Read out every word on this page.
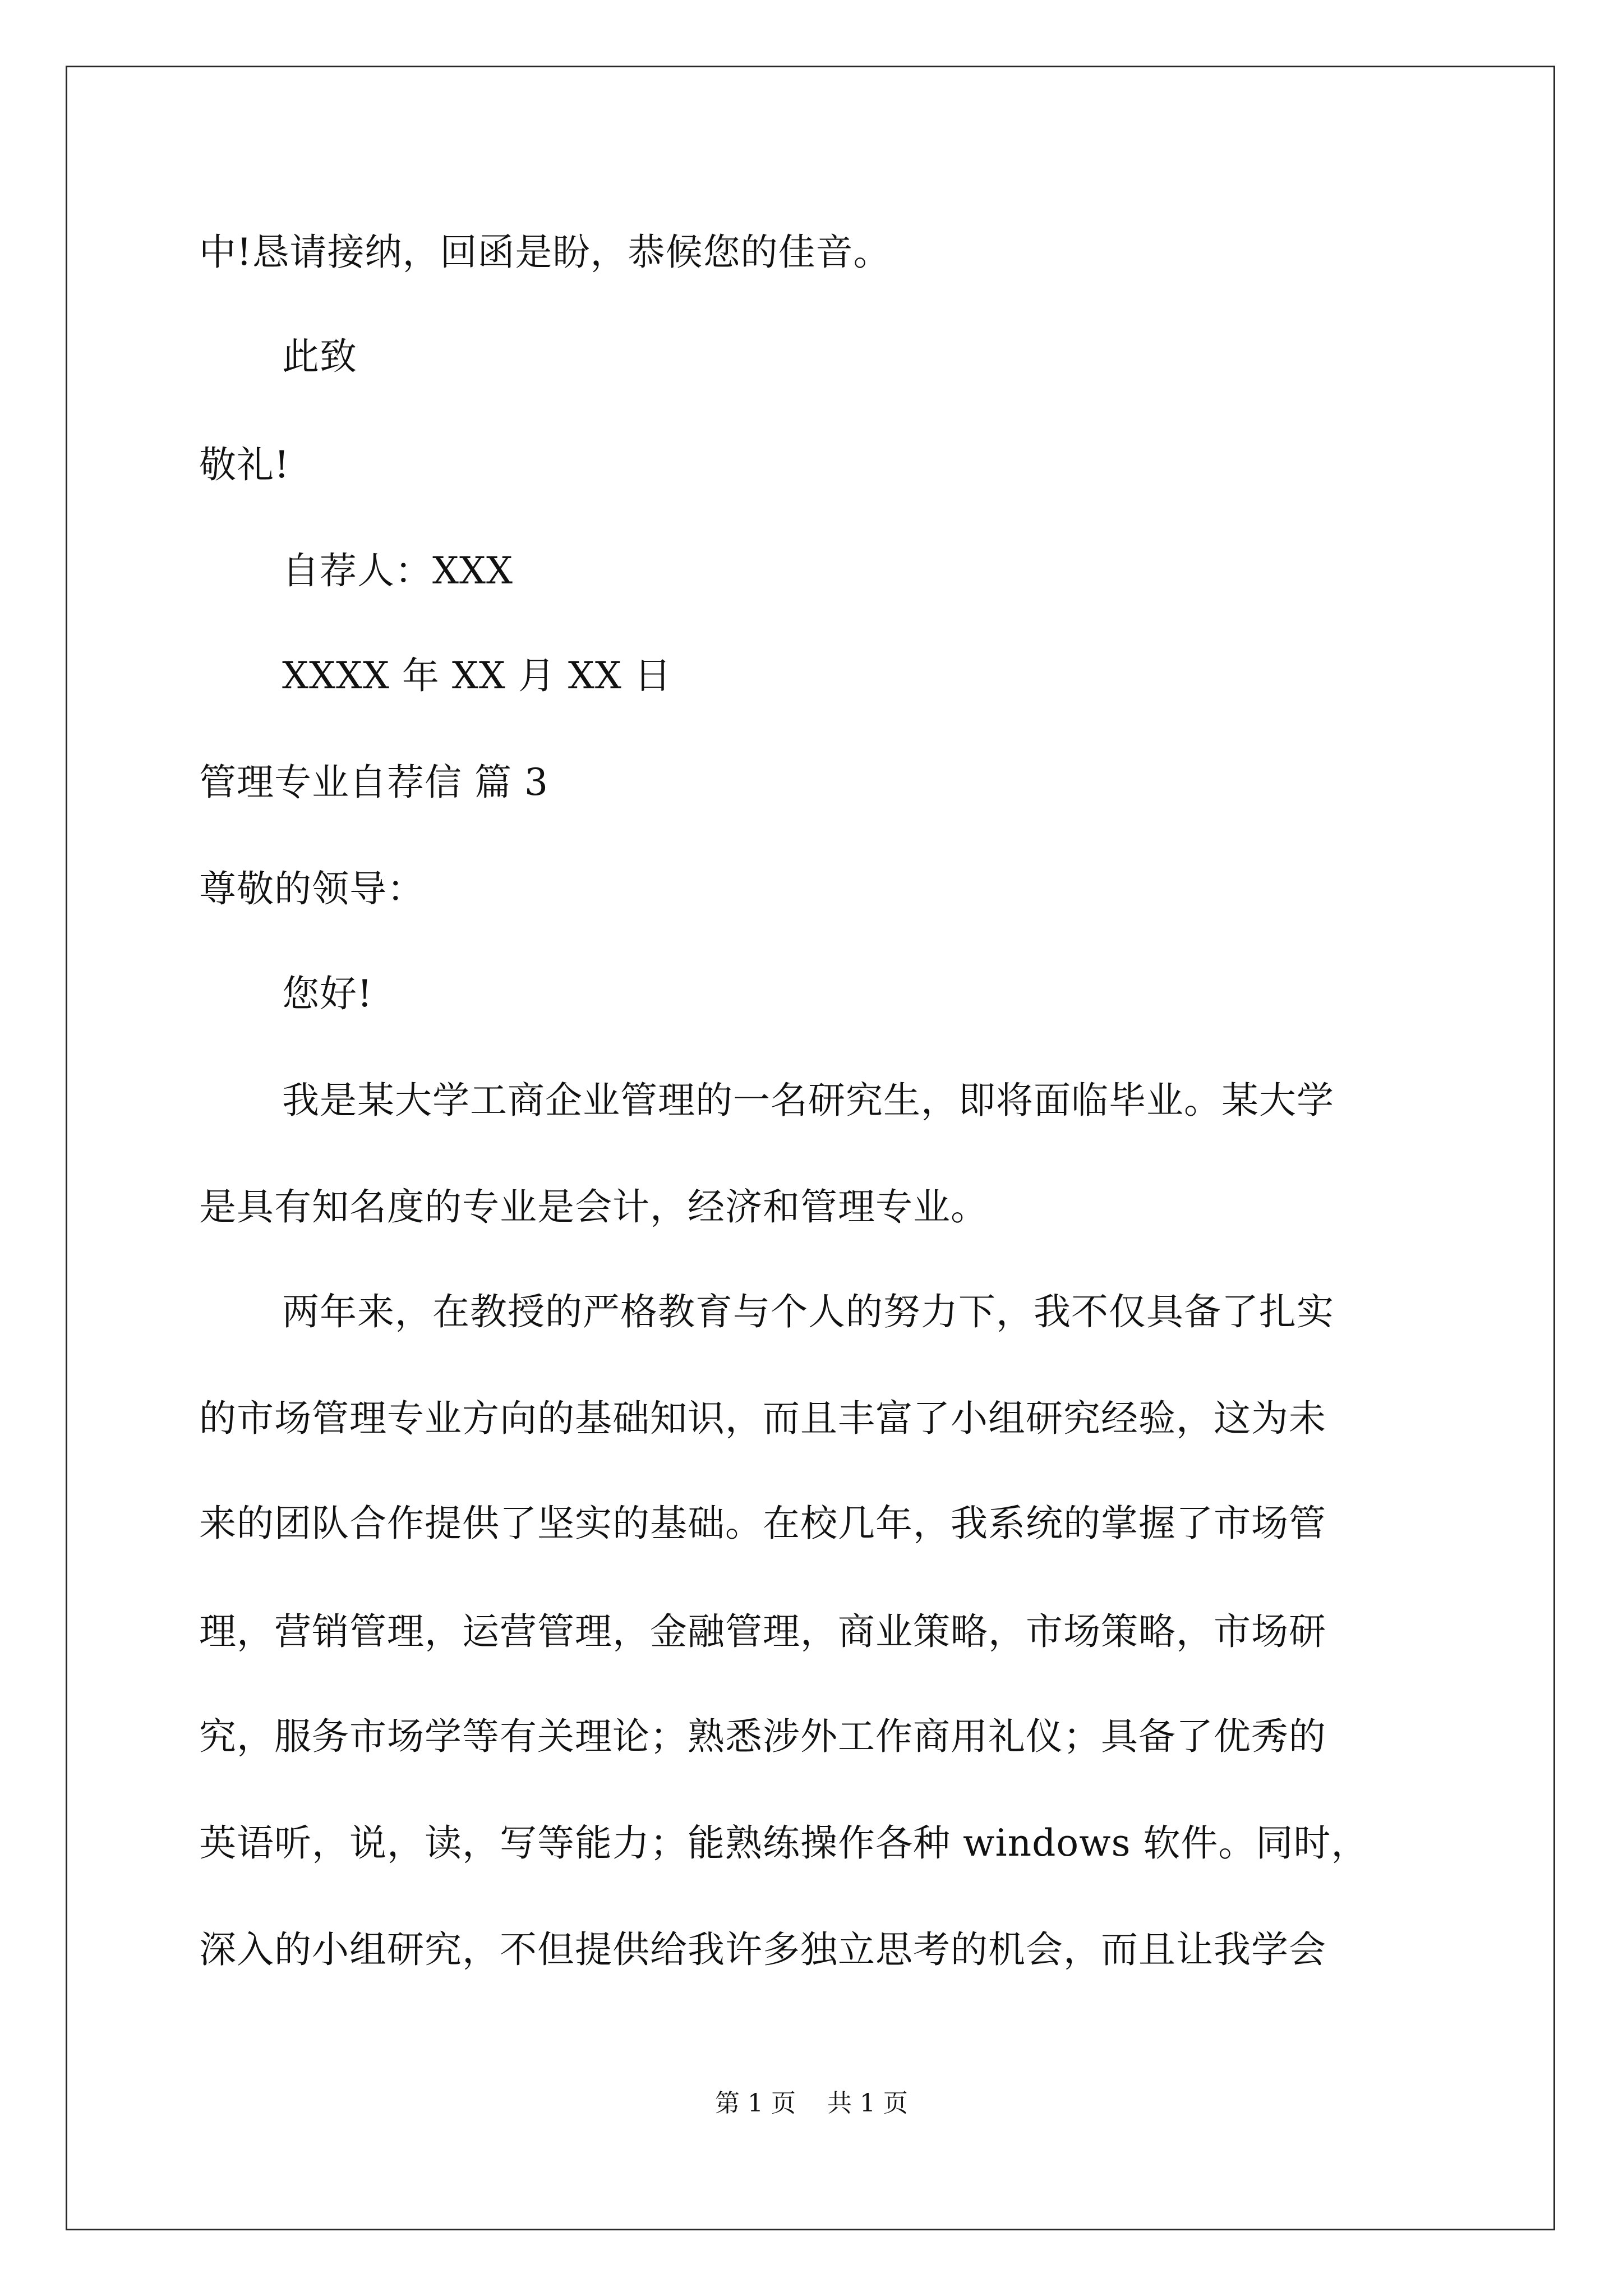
中!恳请接纳，回函是盼，恭候您的佳音。
此致
敬礼!
自荐人：XXX
XXXX 年 XX 月 XX 日
管理专业自荐信 篇 3
尊敬的领导：
您好!
我是某大学工商企业管理的一名研究生，即将面临毕业。某大学
是具有知名度的专业是会计，经济和管理专业。
两年来，在教授的严格教育与个人的努力下，我不仅具备了扎实
的市场管理专业方向的基础知识，而且丰富了小组研究经验，这为未
来的团队合作提供了坚实的基础。在校几年，我系统的掌握了市场管
理，营销管理，运营管理，金融管理，商业策略，市场策略，市场研
究，服务市场学等有关理论；熟悉涉外工作商用礼仪；具备了优秀的
英语听，说，读，写等能力；能熟练操作各种 windows 软件。同时，
深入的小组研究，不但提供给我许多独立思考的机会，而且让我学会
第 1 页    共 1 页
